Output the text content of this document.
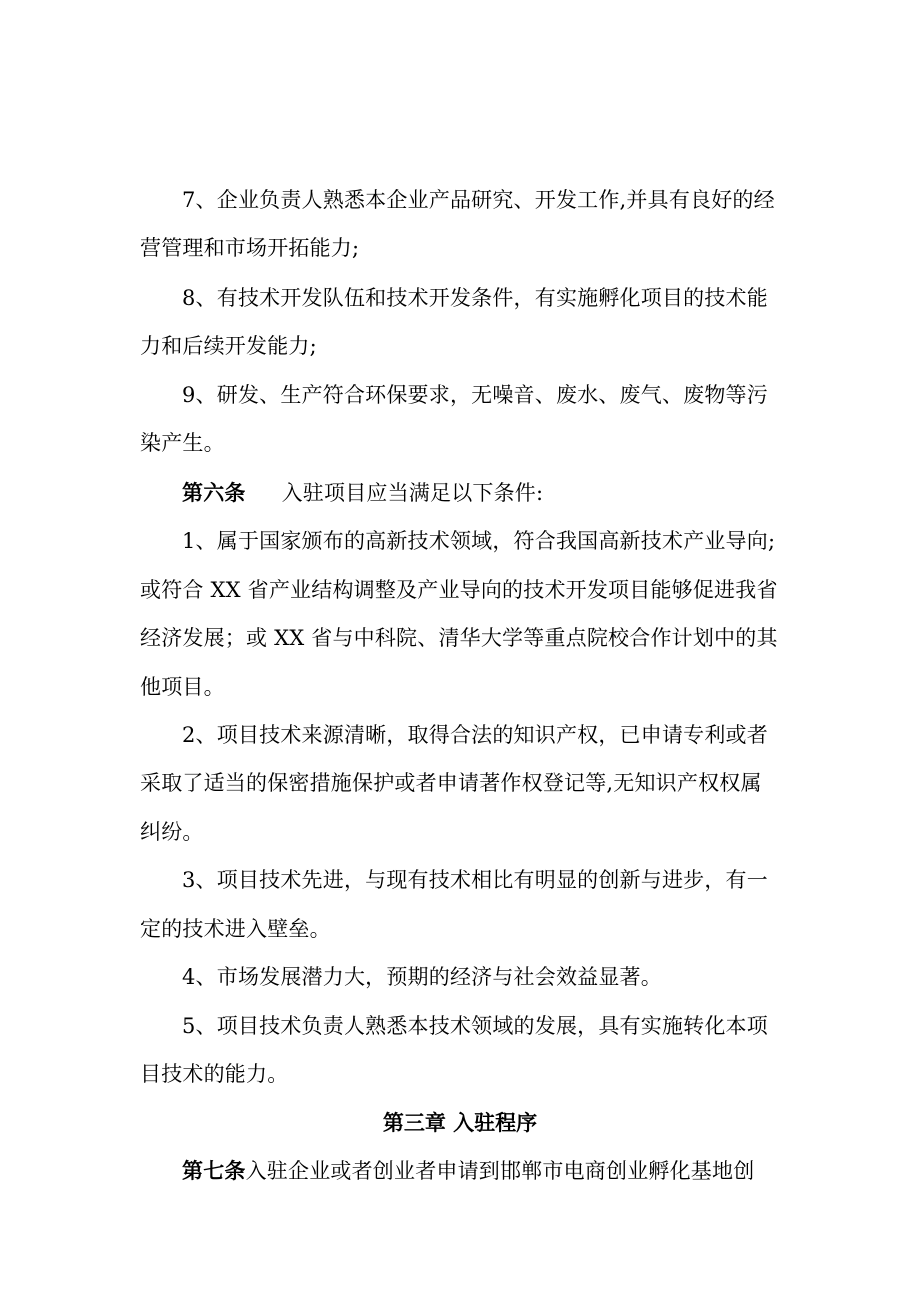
7、企业负责人熟悉本企业产品研究、开发工作,并具有良好的经
营管理和市场开拓能力;
8、有技术开发队伍和技术开发条件，有实施孵化项目的技术能
力和后续开发能力;
9、研发、生产符合环保要求，无噪音、废水、废气、废物等污
染产生。
第六条 入驻项目应当满足以下条件:
1、属于国家颁布的高新技术领域，符合我国高新技术产业导向;
或符合 XX 省产业结构调整及产业导向的技术开发项目能够促进我省
经济发展；或 XX 省与中科院、清华大学等重点院校合作计划中的其
他项目。
2、项目技术来源清晰，取得合法的知识产权，已申请专利或者
采取了适当的保密措施保护或者申请著作权登记等,无知识产权权属
纠纷。
3、项目技术先进，与现有技术相比有明显的创新与进步，有一
定的技术进入壁垒。
4、市场发展潜力大，预期的经济与社会效益显著。
5、项目技术负责人熟悉本技术领域的发展，具有实施转化本项
目技术的能力。
第三章 入驻程序
第七条入驻企业或者创业者申请到邯郸市电商创业孵化基地创
